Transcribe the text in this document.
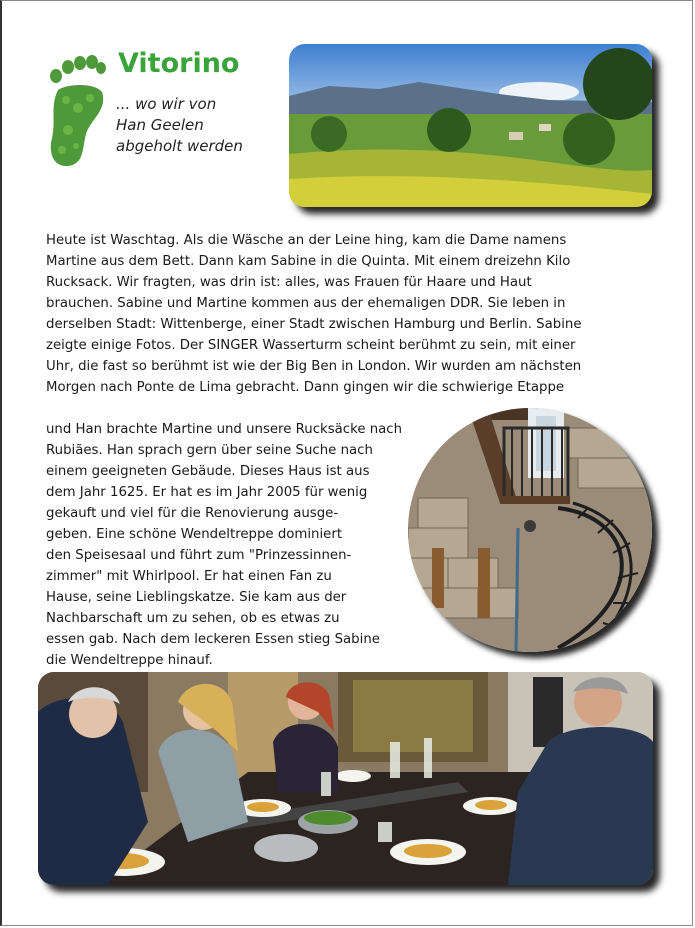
Vitorino
... wo wir von
Han Geelen
abgeholt werden
Heute ist Waschtag. Als die Wäsche an der Leine hing, kam die Dame namens
Martine aus dem Bett. Dann kam Sabine in die Quinta. Mit einem dreizehn Kilo
Rucksack. Wir fragten, was drin ist: alles, was Frauen für Haare und Haut
brauchen. Sabine und Martine kommen aus der ehemaligen DDR. Sie leben in
derselben Stadt: Wittenberge, einer Stadt zwischen Hamburg und Berlin. Sabine
zeigte einige Fotos. Der SINGER Wasserturm scheint berühmt zu sein, mit einer
Uhr, die fast so berühmt ist wie der Big Ben in London. Wir wurden am nächsten
Morgen nach Ponte de Lima gebracht. Dann gingen wir die schwierige Etappe
und Han brachte Martine und unsere Rucksäcke nach
Rubiães. Han sprach gern über seine Suche nach
einem geeigneten Gebäude. Dieses Haus ist aus
dem Jahr 1625. Er hat es im Jahr 2005 für wenig
gekauft und viel für die Renovierung ausge-
geben. Eine schöne Wendeltreppe dominiert
den Speisesaal und führt zum "Prinzessinnen-
zimmer" mit Whirlpool. Er hat einen Fan zu
Hause, seine Lieblingskatze. Sie kam aus der
Nachbarschaft um zu sehen, ob es etwas zu
essen gab. Nach dem leckeren Essen stieg Sabine
die Wendeltreppe hinauf.
